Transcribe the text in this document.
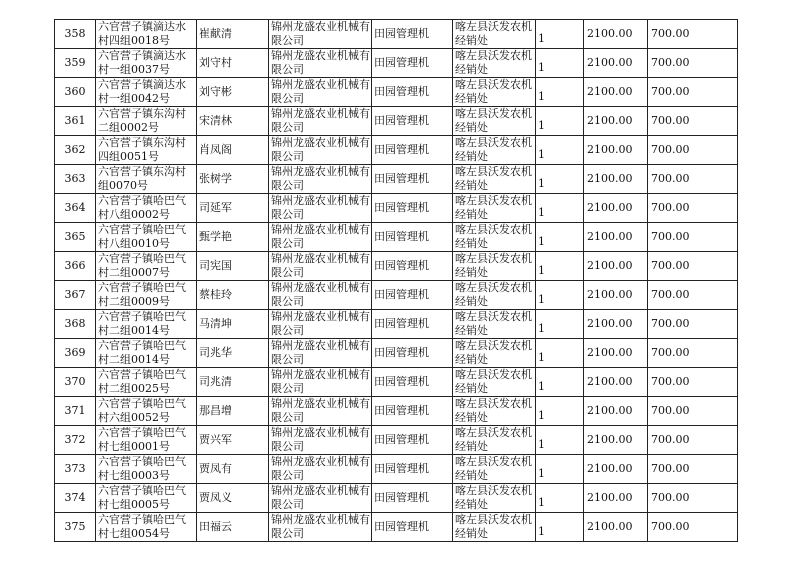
358	六官营子镇滴达水村四组0018号	崔献清	锦州龙盛农业机械有限公司	田园管理机	喀左县沃发农机经销处	1	2100.00	700.00
359	六官营子镇滴达水村一组0037号	刘守村	锦州龙盛农业机械有限公司	田园管理机	喀左县沃发农机经销处	1	2100.00	700.00
360	六官营子镇滴达水村一组0042号	刘守彬	锦州龙盛农业机械有限公司	田园管理机	喀左县沃发农机经销处	1	2100.00	700.00
361	六官营子镇东沟村二组0002号	宋清林	锦州龙盛农业机械有限公司	田园管理机	喀左县沃发农机经销处	1	2100.00	700.00
362	六官营子镇东沟村四组0051号	肖凤阁	锦州龙盛农业机械有限公司	田园管理机	喀左县沃发农机经销处	1	2100.00	700.00
363	六官营子镇东沟村组0070号	张树学	锦州龙盛农业机械有限公司	田园管理机	喀左县沃发农机经销处	1	2100.00	700.00
364	六官营子镇哈巴气村八组0002号	司延军	锦州龙盛农业机械有限公司	田园管理机	喀左县沃发农机经销处	1	2100.00	700.00
365	六官营子镇哈巴气村八组0010号	甄学艳	锦州龙盛农业机械有限公司	田园管理机	喀左县沃发农机经销处	1	2100.00	700.00
366	六官营子镇哈巴气村二组0007号	司宪国	锦州龙盛农业机械有限公司	田园管理机	喀左县沃发农机经销处	1	2100.00	700.00
367	六官营子镇哈巴气村二组0009号	蔡桂玲	锦州龙盛农业机械有限公司	田园管理机	喀左县沃发农机经销处	1	2100.00	700.00
368	六官营子镇哈巴气村二组0014号	马清坤	锦州龙盛农业机械有限公司	田园管理机	喀左县沃发农机经销处	1	2100.00	700.00
369	六官营子镇哈巴气村二组0014号	司兆华	锦州龙盛农业机械有限公司	田园管理机	喀左县沃发农机经销处	1	2100.00	700.00
370	六官营子镇哈巴气村二组0025号	司兆清	锦州龙盛农业机械有限公司	田园管理机	喀左县沃发农机经销处	1	2100.00	700.00
371	六官营子镇哈巴气村六组0052号	那昌增	锦州龙盛农业机械有限公司	田园管理机	喀左县沃发农机经销处	1	2100.00	700.00
372	六官营子镇哈巴气村七组0001号	贾兴军	锦州龙盛农业机械有限公司	田园管理机	喀左县沃发农机经销处	1	2100.00	700.00
373	六官营子镇哈巴气村七组0003号	贾凤有	锦州龙盛农业机械有限公司	田园管理机	喀左县沃发农机经销处	1	2100.00	700.00
374	六官营子镇哈巴气村七组0005号	贾凤义	锦州龙盛农业机械有限公司	田园管理机	喀左县沃发农机经销处	1	2100.00	700.00
375	六官营子镇哈巴气村七组0054号	田福云	锦州龙盛农业机械有限公司	田园管理机	喀左县沃发农机经销处	1	2100.00	700.00
